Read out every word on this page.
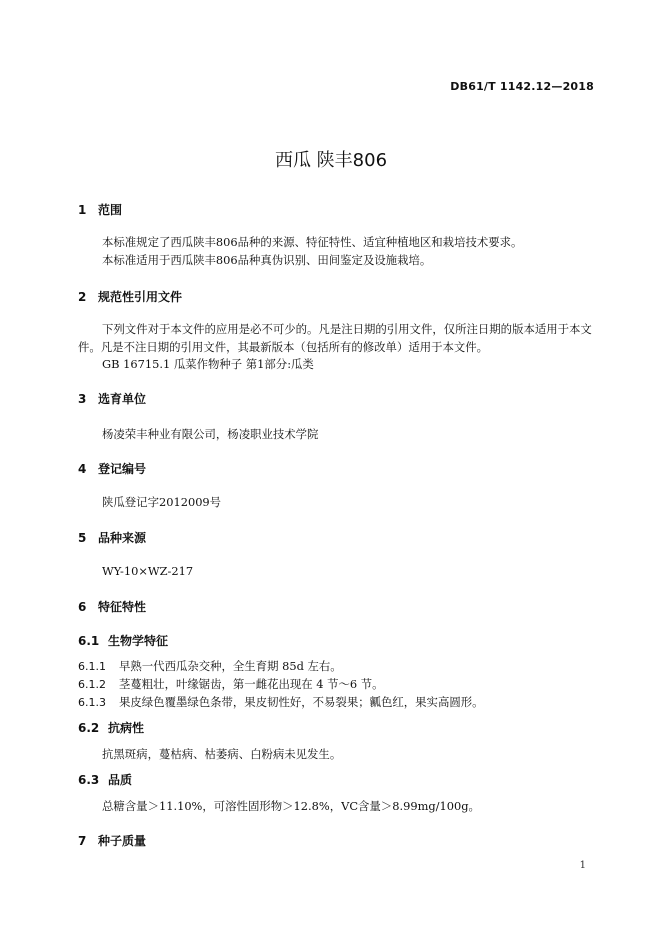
DB61/T 1142.12—2018
西瓜 陕丰806
1 范围
本标准规定了西瓜陕丰806品种的来源、特征特性、适宜种植地区和栽培技术要求。
本标准适用于西瓜陕丰806品种真伪识别、田间鉴定及设施栽培。
2 规范性引用文件
下列文件对于本文件的应用是必不可少的。凡是注日期的引用文件，仅所注日期的版本适用于本文件。凡是不注日期的引用文件，其最新版本（包括所有的修改单）适用于本文件。
GB 16715.1 瓜菜作物种子 第1部分:瓜类
3 选育单位
杨凌荣丰种业有限公司，杨凌职业技术学院
4 登记编号
陕瓜登记字2012009号
5 品种来源
WY-10×WZ-217
6 特征特性
6.1 生物学特征
6.1.1 早熟一代西瓜杂交种，全生育期 85d 左右。
6.1.2 茎蔓粗壮，叶缘锯齿，第一雌花出现在 4 节～6 节。
6.1.3 果皮绿色覆墨绿色条带，果皮韧性好，不易裂果；瓤色红，果实高圆形。
6.2 抗病性
抗黑斑病，蔓枯病、枯萎病、白粉病未见发生。
6.3 品质
总糖含量＞11.10%，可溶性固形物＞12.8%，VC含量＞8.99mg/100g。
7 种子质量
1
